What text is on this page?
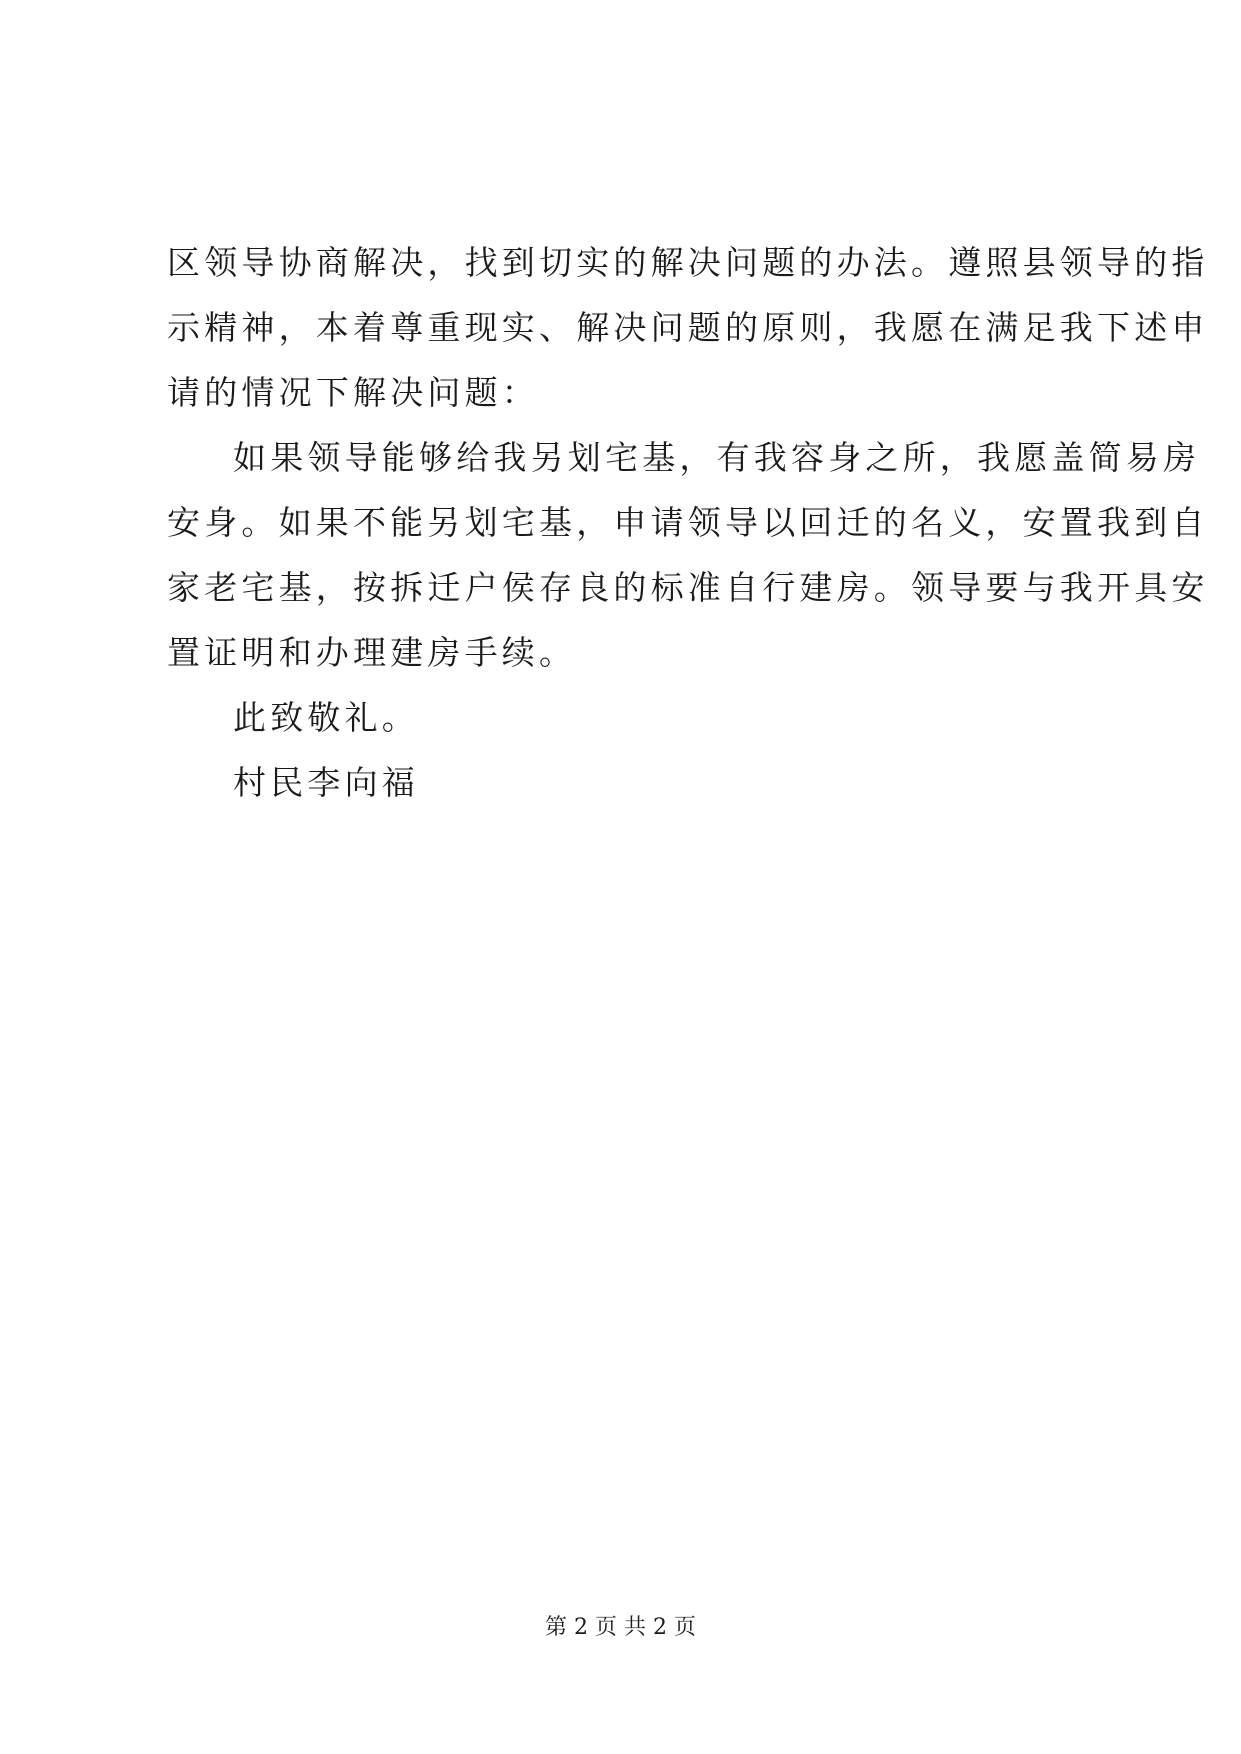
区领导协商解决，找到切实的解决问题的办法。遵照县领导的指
示精神，本着尊重现实、解决问题的原则，我愿在满足我下述申
请的情况下解决问题：
如果领导能够给我另划宅基，有我容身之所，我愿盖简易房
安身。如果不能另划宅基，申请领导以回迁的名义，安置我到自
家老宅基，按拆迁户侯存良的标准自行建房。领导要与我开具安
置证明和办理建房手续。
此致敬礼。
村民李向福
第 2 页 共 2 页
